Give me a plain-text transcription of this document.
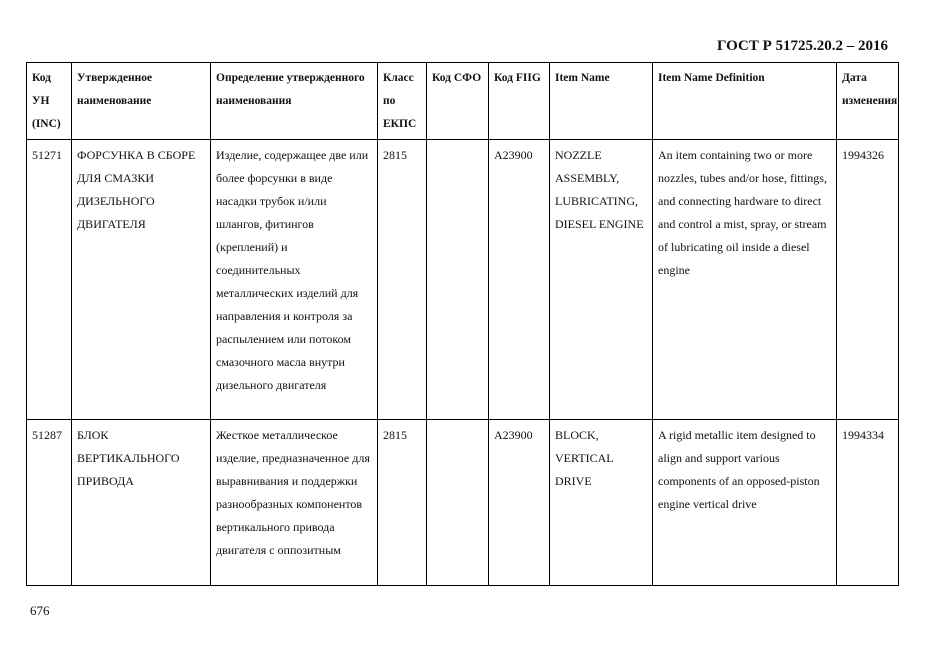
ГОСТ Р 51725.20.2 – 2016
Код УН (INC)	Утвержденное наименование	Определение утвержденного наименования	Класс по ЕКПС	Код СФО	Код FIIG	Item Name	Item Name Definition	Дата изменения
51271	ФОРСУНКА В СБОРЕ ДЛЯ СМАЗКИ ДИЗЕЛЬНОГО ДВИГАТЕЛЯ	Изделие, содержащее две или более форсунки в виде насадки трубок и/или шлангов, фитингов (креплений) и соединительных металлических изделий для направления и контроля за распылением или потоком смазочного масла внутри дизельного двигателя	2815		A23900	NOZZLE ASSEMBLY, LUBRICATING, DIESEL ENGINE	An item containing two or more nozzles, tubes and/or hose, fittings, and connecting hardware to direct and control a mist, spray, or stream of lubricating oil inside a diesel engine	1994326
51287	БЛОК ВЕРТИКАЛЬНОГО ПРИВОДА	Жесткое металлическое изделие, предназначенное для выравнивания и поддержки разнообразных компонентов вертикального привода двигателя с оппозитным	2815		A23900	BLOCK, VERTICAL DRIVE	A rigid metallic item designed to align and support various components of an opposed-piston engine vertical drive	1994334
676
